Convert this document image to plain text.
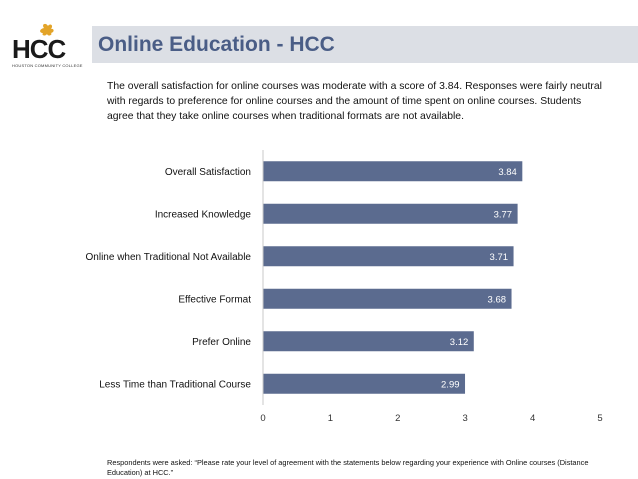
HCC
HOUSTON COMMUNITY COLLEGE
Online Education - HCC
The overall satisfaction for online courses was moderate with a score of 3.84. Responses were fairly neutral with regards to preference for online courses and the amount of time spent on online courses. Students agree that they take online courses when traditional formats are not available.
3.84
Overall Satisfaction
3.77
Increased Knowledge
3.71
Online when Traditional Not Available
3.68
Effective Format
3.12
Prefer Online
2.99
Less Time than Traditional Course
0	1	2	3	4	5
Respondents were asked: “Please rate your level of agreement with the statements below regarding your experience with Online courses (Distance Education) at HCC.”
